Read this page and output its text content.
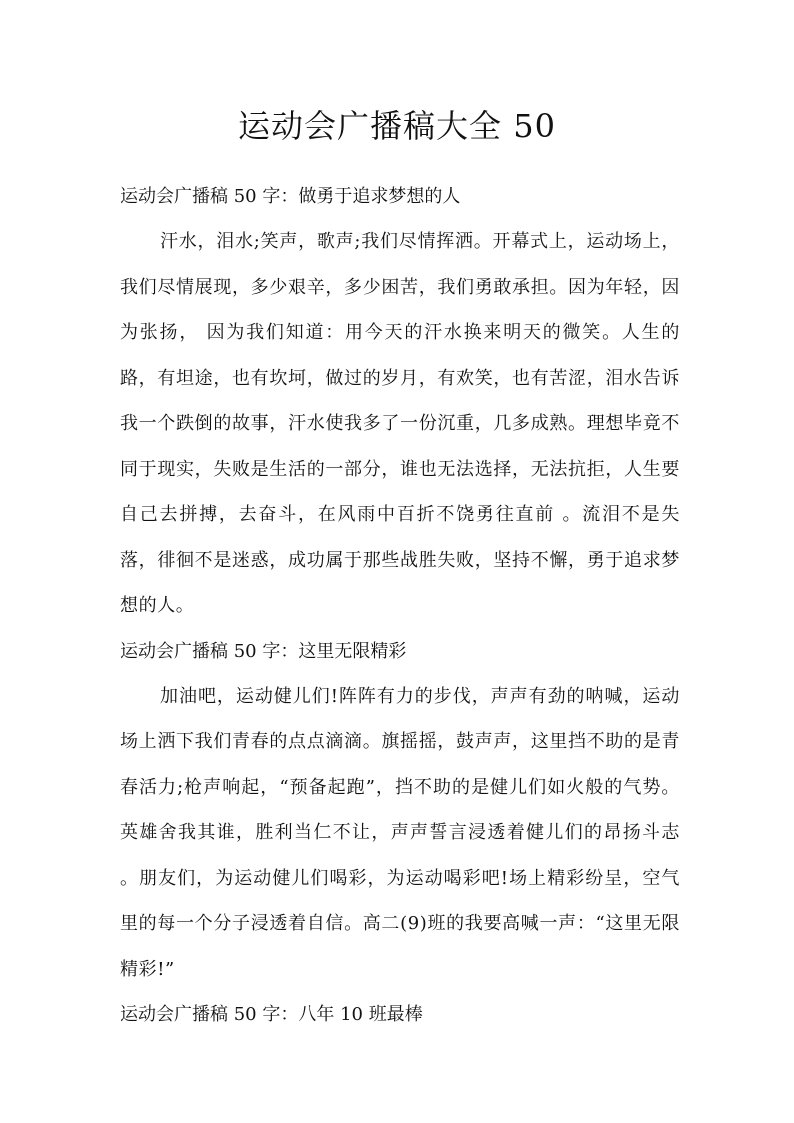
运动会广播稿大全 50
运动会广播稿 50 字：做勇于追求梦想的人

汗水，泪水;笑声，歌声;我们尽情挥洒。开幕式上，运动场上，我们尽情展现，多少艰辛，多少困苦，我们勇敢承担。因为年轻，因为张扬， 因为我们知道：用今天的汗水换来明天的微笑。人生的路，有坦途，也有坎坷，做过的岁月，有欢笑，也有苦涩，泪水告诉我一个跌倒的故事，汗水使我多了一份沉重，几多成熟。理想毕竟不同于现实，失败是生活的一部分，谁也无法选择，无法抗拒，人生要自己去拼搏，去奋斗，在风雨中百折不饶勇往直前 。流泪不是失落，徘徊不是迷惑，成功属于那些战胜失败，坚持不懈，勇于追求梦想的人。

运动会广播稿 50 字：这里无限精彩

加油吧，运动健儿们!阵阵有力的步伐，声声有劲的呐喊，运动场上洒下我们青春的点点滴滴。旗摇摇，鼓声声，这里挡不助的是青春活力;枪声响起，“预备起跑”，挡不助的是健儿们如火般的气势。英雄舍我其谁，胜利当仁不让，声声誓言浸透着健儿们的昂扬斗志 。朋友们，为运动健儿们喝彩，为运动喝彩吧!场上精彩纷呈，空气里的每一个分子浸透着自信。高二(9)班的我要高喊一声：“这里无限精彩!”

运动会广播稿 50 字：八年 10 班最棒
